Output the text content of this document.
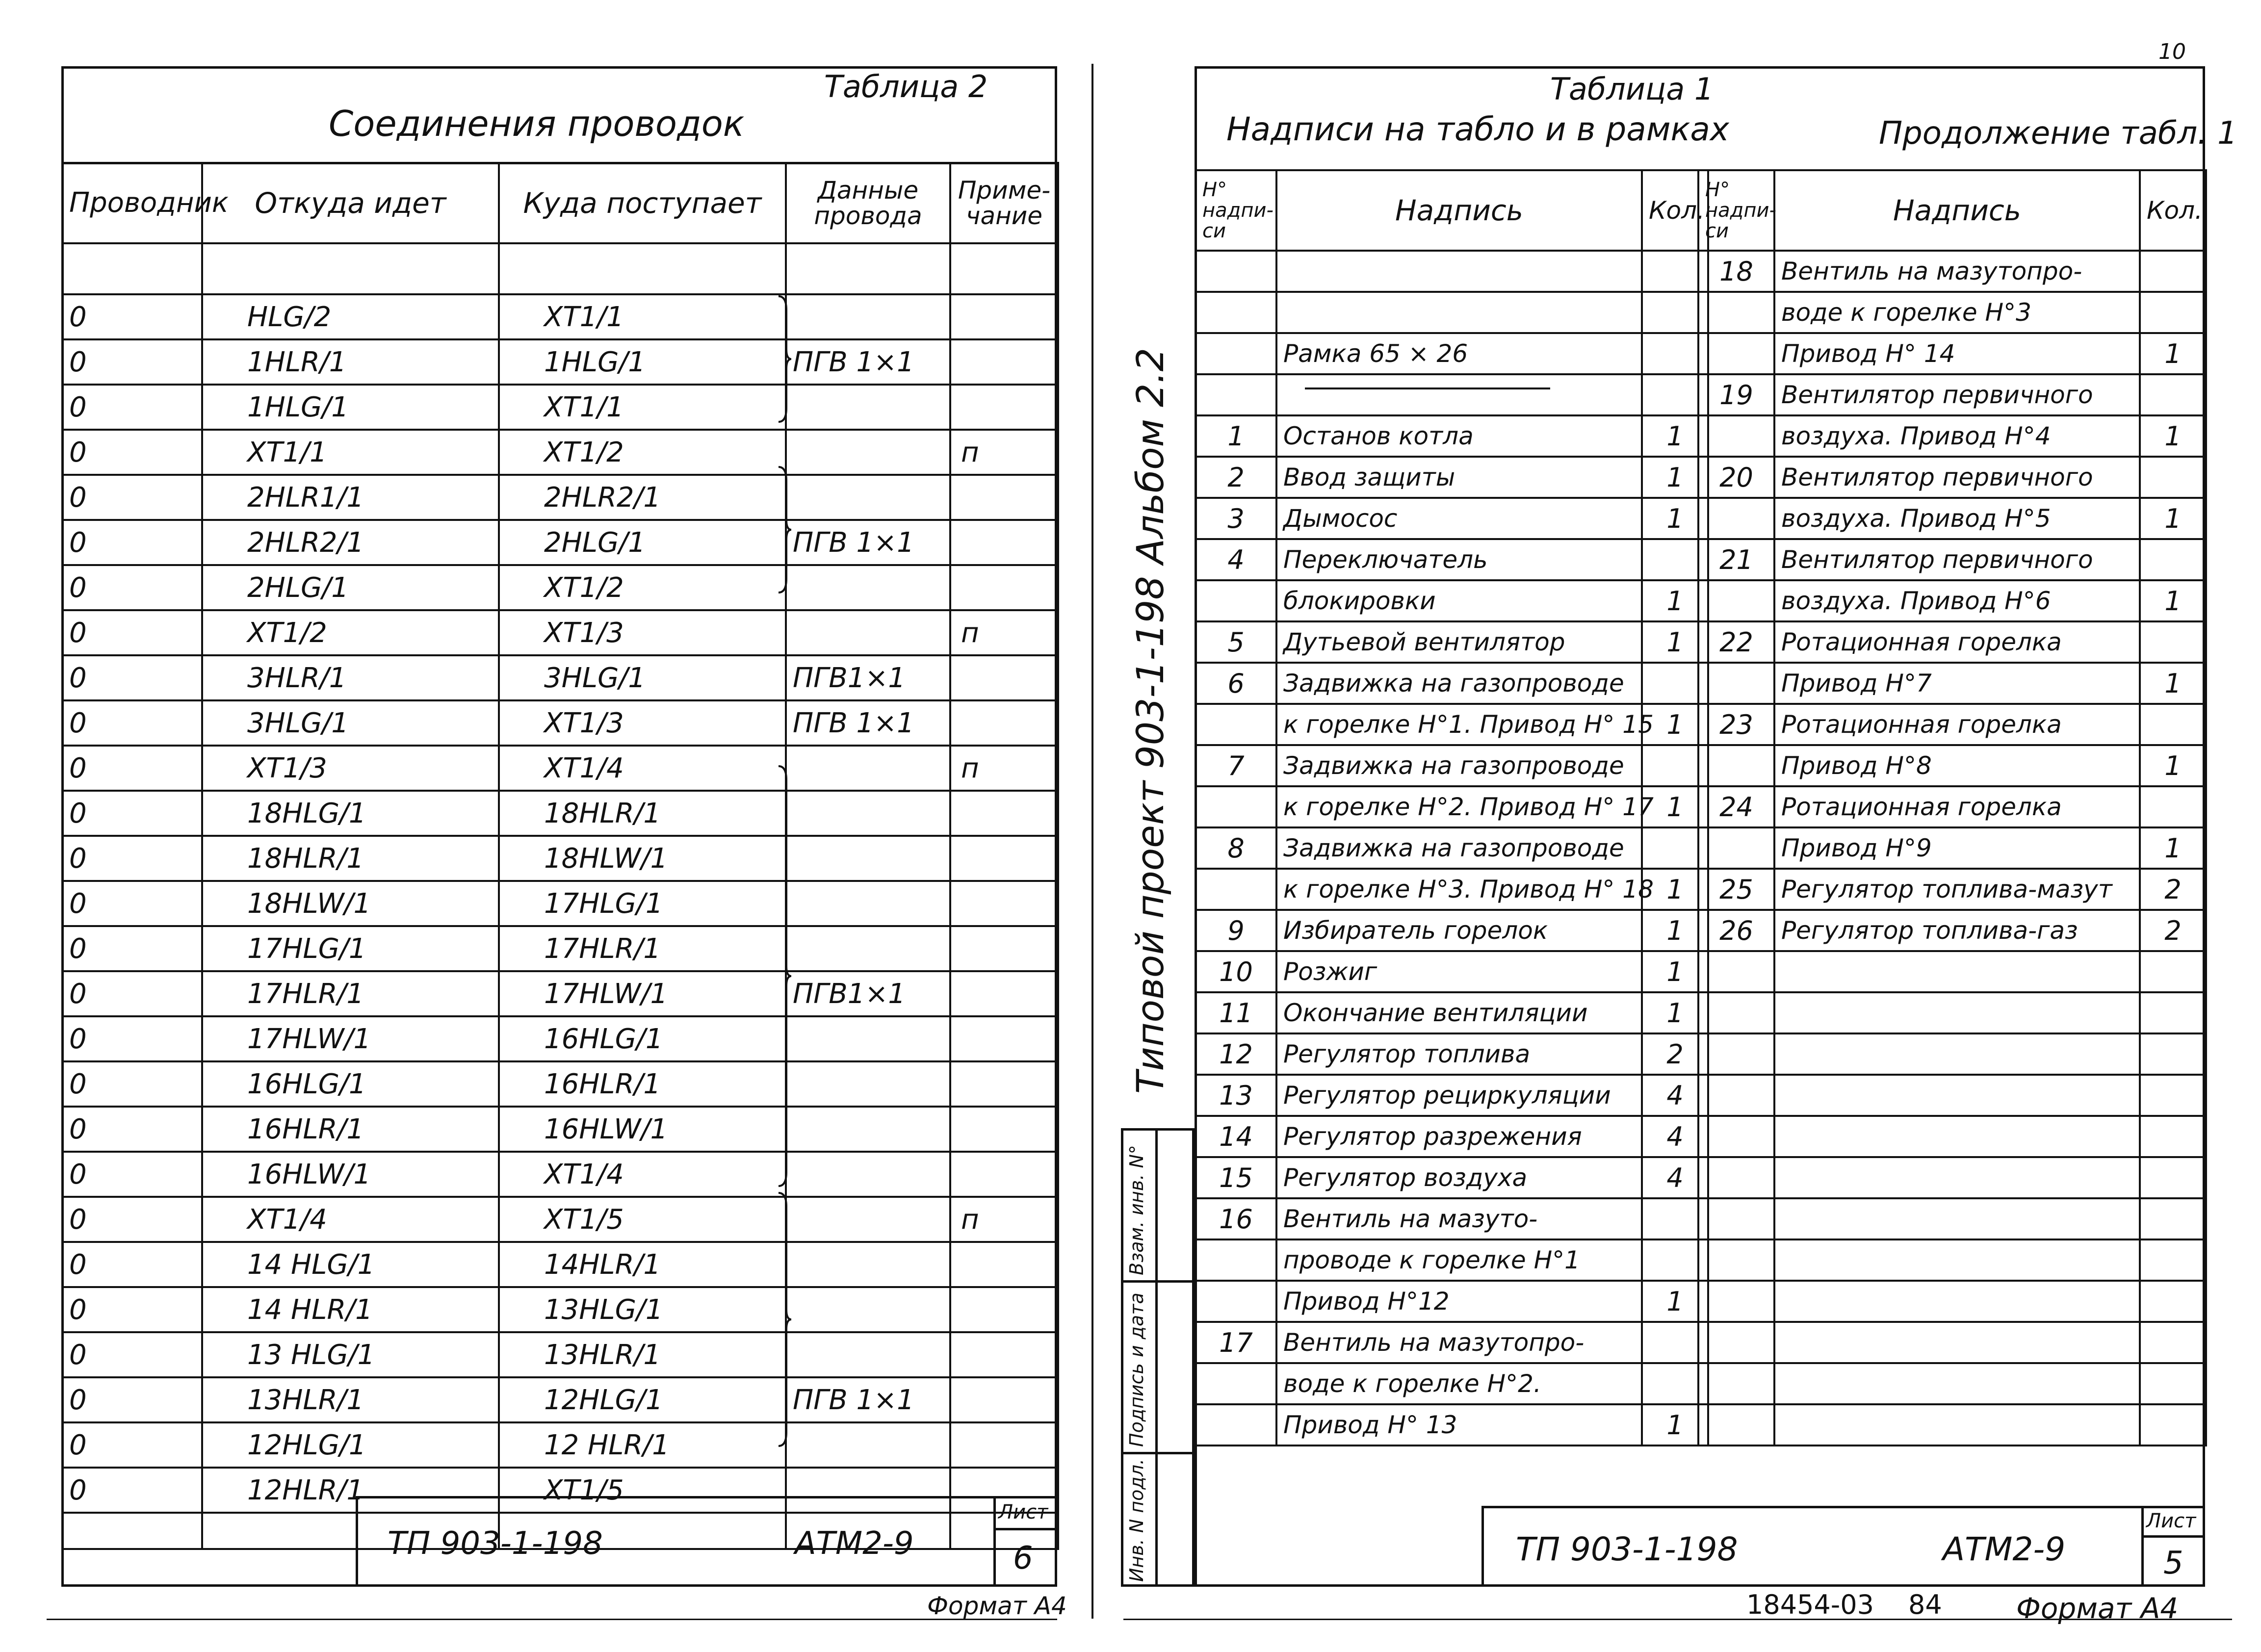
Таблица 2
Соединения проводок
Проводник	Откуда идет	Куда поступает	Данные провода	Приме-чание

0	HLG/2	XT1/1		
0	1HLR/1	1HLG/1	ПГВ 1×1	
0	1HLG/1	XT1/1		
0	XT1/1	XT1/2		п
0	2HLR1/1	2HLR2/1		
0	2HLR2/1	2HLG/1	ПГВ 1×1	
0	2HLG/1	XT1/2		
0	XT1/2	XT1/3		п
0	3HLR/1	3HLG/1	ПГВ1×1	
0	3HLG/1	XT1/3	ПГВ 1×1	
0	XT1/3	XT1/4		п
0	18HLG/1	18HLR/1		
0	18HLR/1	18HLW/1		
0	18HLW/1	17HLG/1		
0	17HLG/1	17HLR/1		
0	17HLR/1	17HLW/1	ПГВ1×1	
0	17HLW/1	16HLG/1		
0	16HLG/1	16HLR/1		
0	16HLR/1	16HLW/1		
0	16HLW/1	XT1/4		
0	XT1/4	XT1/5		п
0	14 HLG/1	14HLR/1		
0	14 HLR/1	13HLG/1		
0	13 HLG/1	13HLR/1		
0	13HLR/1	12HLG/1	ПГВ 1×1	
0	12HLG/1	12 HLR/1		
0	12HLR/1	XT1/5		

ТП 903-1-198	АТМ2-9
Лист
6
Формат А4
Типовой проект 903-1-198 Альбом 2.2
Инв. N подл.
Подпись и дата
Взам. инв. N°
10
Таблица 1
Надписи на табло и в рамках	Продолжение табл. 1
Н° надпи-си	Надпись	Кол.

	Рамка 65 × 26	

1	Останов котла	1
2	Ввод защиты	1
3	Дымосос	1
4	Переключатель	
	блокировки	1
5	Дутьевой вентилятор	1
6	Задвижка на газопроводе	
	к горелке Н°1. Привод Н° 15	1
7	Задвижка на газопроводе	
	к горелке Н°2. Привод Н° 17	1
8	Задвижка на газопроводе	
	к горелке Н°3. Привод Н° 18	1
9	Избиратель горелок	1
10	Розжиг	1
11	Окончание вентиляции	1
12	Регулятор топлива	2
13	Регулятор рециркуляции	4
14	Регулятор разрежения	4
15	Регулятор воздуха	4
16	Вентиль на мазуто-	
	проводе к горелке Н°1	
	Привод Н°12	1
17	Вентиль на мазутопро-	
	воде к горелке Н°2.	
	Привод Н° 13	1
Н° надпи-си	Надпись	Кол.
18	Вентиль на мазутопро-	
	воде к горелке Н°3	
	Привод Н° 14	1
19	Вентилятор первичного	
	воздуха. Привод Н°4	1
20	Вентилятор первичного	
	воздуха. Привод Н°5	1
21	Вентилятор первичного	
	воздуха. Привод Н°6	1
22	Ротационная горелка	
	Привод Н°7	1
23	Ротационная горелка	
	Привод Н°8	1
24	Ротационная горелка	
	Привод Н°9	1
25	Регулятор топлива-мазут	2
26	Регулятор топлива-газ	2

ТП 903-1-198	АТМ2-9
Лист
5
18454-03 84	Формат А4
